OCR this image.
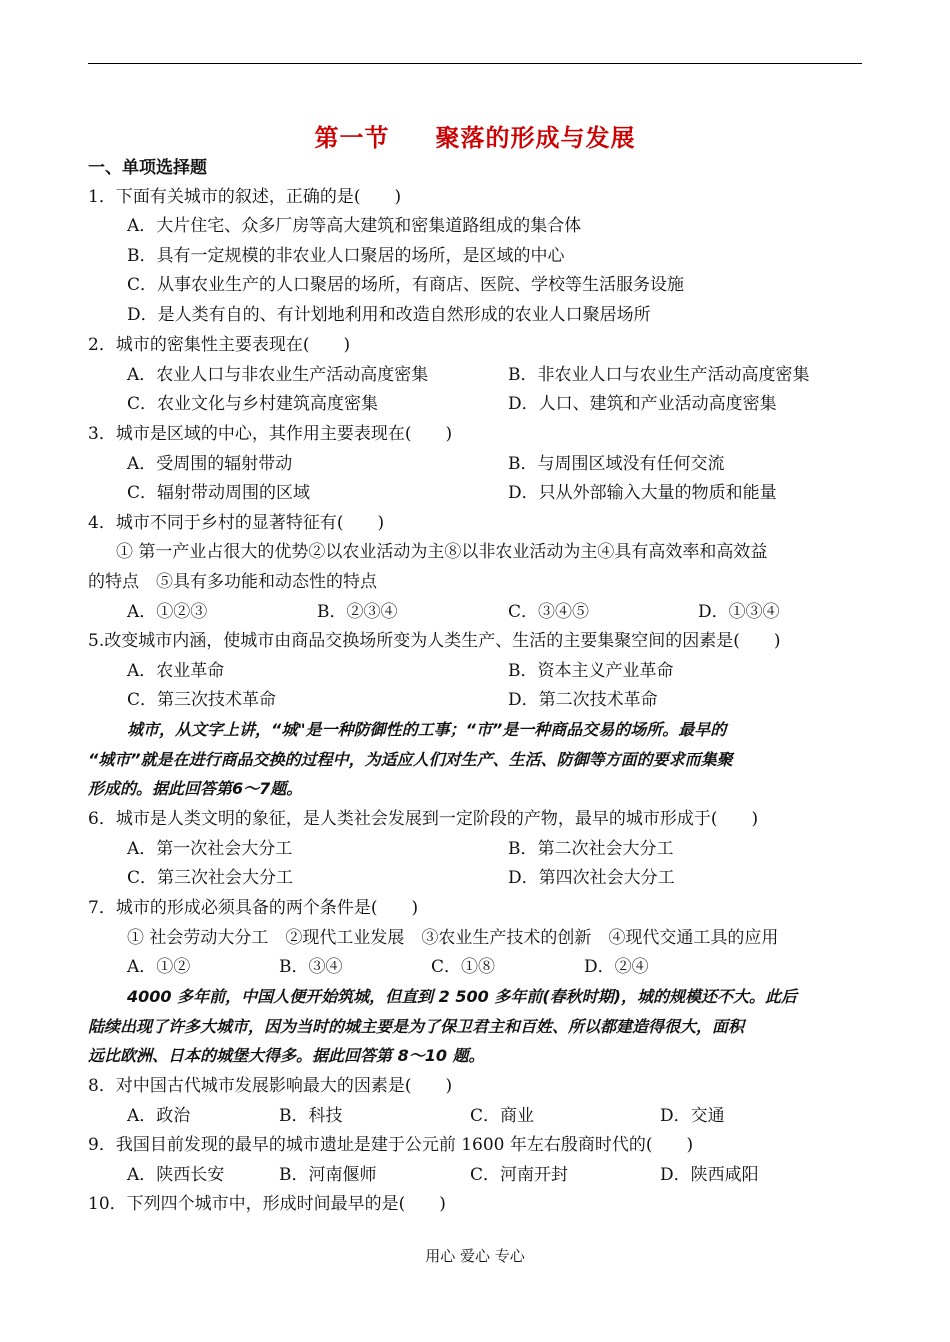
第一节 聚落的形成与发展
一、单项选择题
1．下面有关城市的叙述，正确的是(　　)
A．大片住宅、众多厂房等高大建筑和密集道路组成的集合体
B．具有一定规模的非农业人口聚居的场所，是区域的中心
C．从事农业生产的人口聚居的场所，有商店、医院、学校等生活服务设施
D．是人类有自的、有计划地利用和改造自然形成的农业人口聚居场所
2．城市的密集性主要表现在(　　)
A．农业人口与非农业生产活动高度密集	B．非农业人口与农业生产活动高度密集
C．农业文化与乡村建筑高度密集	D．人口、建筑和产业活动高度密集
3．城市是区域的中心，其作用主要表现在(　　)
A．受周围的辐射带动	B．与周围区域没有任何交流
C．辐射带动周围的区域	D．只从外部输入大量的物质和能量
4．城市不同于乡村的显著特征有(　　)
① 第一产业占很大的优势②以农业活动为主⑧以非农业活动为主④具有高效率和高效益
的特点　⑤具有多功能和动态性的特点
A．①②③	B．②③④	C．③④⑤	D．①③④
5.改变城市内涵，使城市由商品交换场所变为人类生产、生活的主要集聚空间的因素是(　　)
A．农业革命	B．资本主义产业革命
C．第三次技术革命	D．第二次技术革命
城市，从文字上讲，“城"是一种防御性的工事；“市”是一种商品交易的场所。最早的
“城市”就是在进行商品交换的过程中，为适应人们对生产、生活、防御等方面的要求而集聚
形成的。据此回答第6～7题。
6．城市是人类文明的象征，是人类社会发展到一定阶段的产物，最早的城市形成于(　　)
A．第一次社会大分工	B．第二次社会大分工
C．第三次社会大分工	D．第四次社会大分工
7．城市的形成必须具备的两个条件是(　　)
① 社会劳动大分工　②现代工业发展　③农业生产技术的创新　④现代交通工具的应用
A．①②	B．③④	C．①⑧	D．②④
4000 多年前，中国人便开始筑城，但直到 2 500 多年前(春秋时期)，城的规模还不大。此后
陆续出现了许多大城市，因为当时的城主要是为了保卫君主和百姓、所以都建造得很大，面积
远比欧洲、日本的城堡大得多。据此回答第 8～10 题。
8．对中国古代城市发展影响最大的因素是(　　)
A．政治	B．科技	C．商业	D．交通
9．我国目前发现的最早的城市遗址是建于公元前 1600 年左右殷商时代的(　　)
A．陕西长安	B．河南偃师	C．河南开封	D．陕西咸阳
10．下列四个城市中，形成时间最早的是(　　)
用心 爱心 专心
